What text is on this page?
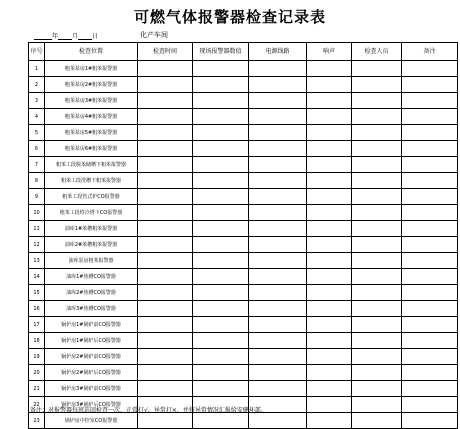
可燃气体报警器检查记录表
年 月 日	化产车间
序号	检查位置	检查时间	现场报警器数值	电源线路	响声	检查人员	备注
1	粗苯泵房1#粗苯报警器						
2	粗苯泵房2#粗苯报警器						
3	粗苯泵房3#粗苯报警器						
4	粗苯泵房4#粗苯报警器						
5	粗苯泵房5#粗苯报警器						
6	粗苯泵房6#粗苯报警器						
7	粗苯工段脱苯储槽下粗苯报警器						
8	粗苯工段洗槽下粗苯报警器						
9	粗苯工段管式炉CO报警器						
10	粗苯工段终冷塔下CO报警器						
11	油库1#苯槽粗苯报警器						
12	油库2#苯槽粗苯报警器						
13	油库泵房粗苯报警器						
14	油库1#焦槽CO报警器						
15	油库2#焦槽CO报警器						
16	油库3#焦槽CO报警器						
17	锅炉房1#锅炉前CO报警器						
18	锅炉房1#锅炉后CO报警器						
19	锅炉房2#锅炉前CO报警器						
20	锅炉房2#锅炉后CO报警器						
21	锅炉房3#锅炉前CO报警器						
22	锅炉房3#锅炉后CO报警器						
23	锅炉房中控室CO报警器						
备注：对报警器每班巡回检查一次，正常打√，异常打×，并将异常情况汇报给安健环部。
